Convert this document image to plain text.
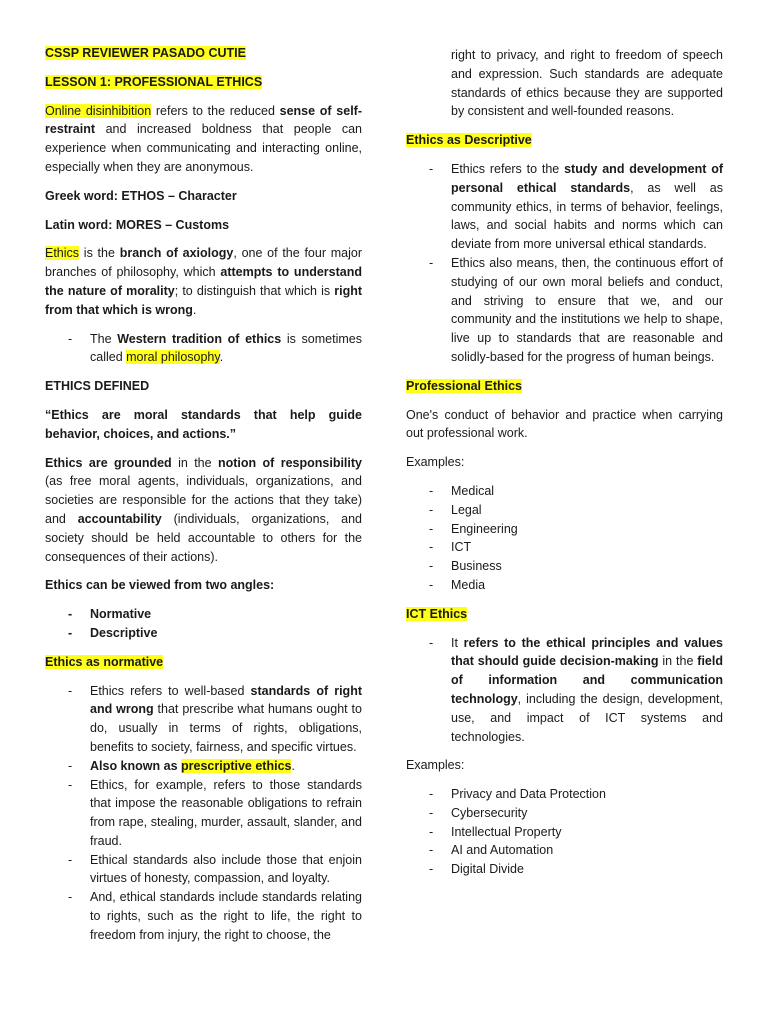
CSSP REVIEWER PASADO CUTIE

LESSON 1: PROFESSIONAL ETHICS

Online disinhibition refers to the reduced sense of self-restraint and increased boldness that people can experience when communicating and interacting online, especially when they are anonymous.

Greek word: ETHOS – Character

Latin word: MORES – Customs

Ethics is the branch of axiology, one of the four major branches of philosophy, which attempts to understand the nature of morality; to distinguish that which is right from that which is wrong.

- The Western tradition of ethics is sometimes called moral philosophy.

ETHICS DEFINED

“Ethics are moral standards that help guide behavior, choices, and actions.”

Ethics are grounded in the notion of responsibility (as free moral agents, individuals, organizations, and societies are responsible for the actions that they take) and accountability (individuals, organizations, and society should be held accountable to others for the consequences of their actions).

Ethics can be viewed from two angles:

- Normative
- Descriptive

Ethics as normative

- Ethics refers to well-based standards of right and wrong that prescribe what humans ought to do, usually in terms of rights, obligations, benefits to society, fairness, and specific virtues.
- Also known as prescriptive ethics.
- Ethics, for example, refers to those standards that impose the reasonable obligations to refrain from rape, stealing, murder, assault, slander, and fraud.
- Ethical standards also include those that enjoin virtues of honesty, compassion, and loyalty.
- And, ethical standards include standards relating to rights, such as the right to life, the right to freedom from injury, the right to choose, the
right to privacy, and right to freedom of speech and expression. Such standards are adequate standards of ethics because they are supported by consistent and well-founded reasons.

Ethics as Descriptive

- Ethics refers to the study and development of personal ethical standards, as well as community ethics, in terms of behavior, feelings, laws, and social habits and norms which can deviate from more universal ethical standards.
- Ethics also means, then, the continuous effort of studying of our own moral beliefs and conduct, and striving to ensure that we, and our community and the institutions we help to shape, live up to standards that are reasonable and solidly-based for the progress of human beings.

Professional Ethics

One's conduct of behavior and practice when carrying out professional work.

Examples:

- Medical
- Legal
- Engineering
- ICT
- Business
- Media

ICT Ethics

- It refers to the ethical principles and values that should guide decision-making in the field of information and communication technology, including the design, development, use, and impact of ICT systems and technologies.

Examples:

- Privacy and Data Protection
- Cybersecurity
- Intellectual Property
- AI and Automation
- Digital Divide
